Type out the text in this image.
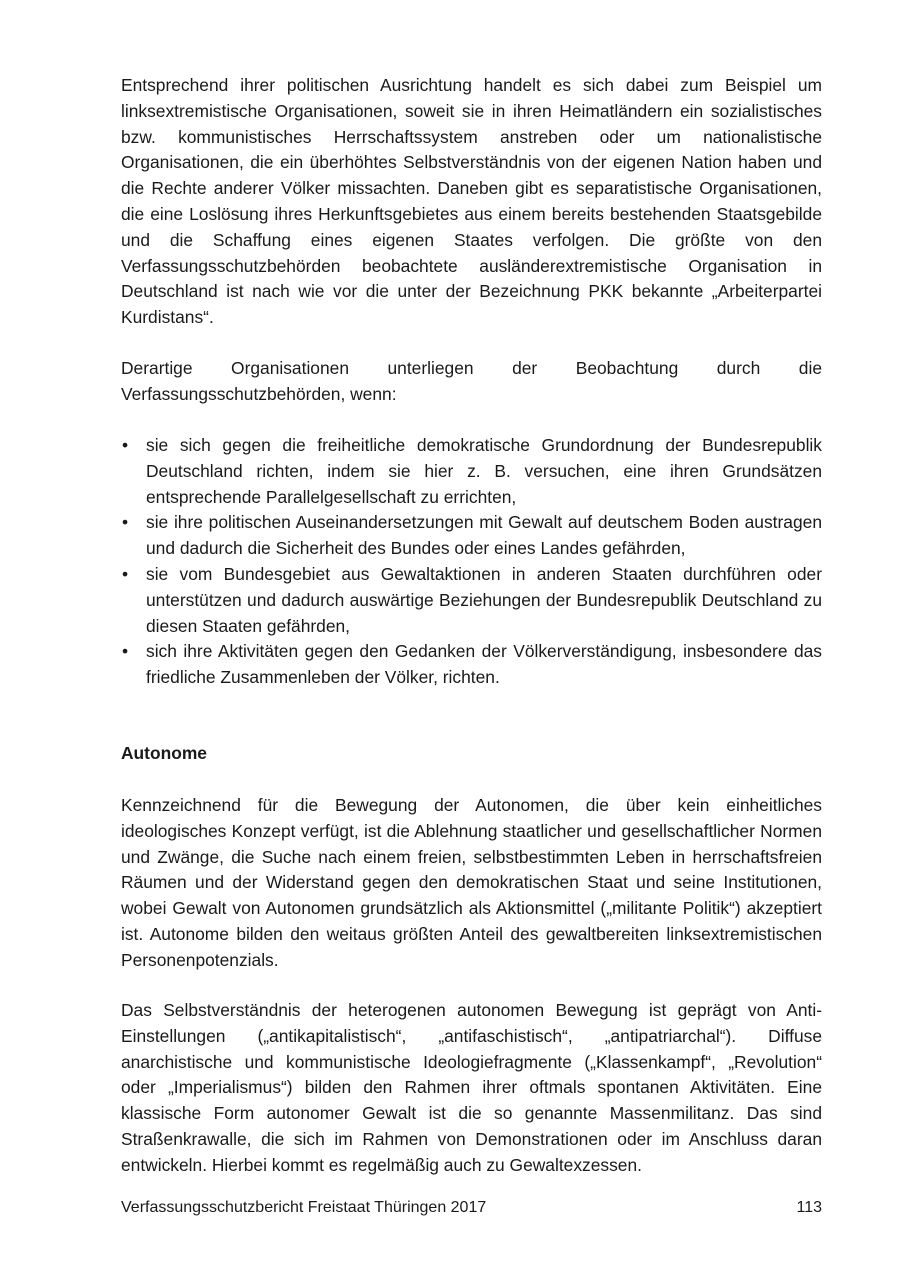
Entsprechend ihrer politischen Ausrichtung handelt es sich dabei zum Beispiel um linksextremistische Organisationen, soweit sie in ihren Heimatländern ein sozialistisches bzw. kommunistisches Herrschaftssystem anstreben oder um nationalistische Organisationen, die ein überhöhtes Selbstverständnis von der eigenen Nation haben und die Rechte anderer Völker missachten. Daneben gibt es separatistische Organisationen, die eine Loslösung ihres Herkunftsgebietes aus einem bereits bestehenden Staatsgebilde und die Schaffung eines eigenen Staates verfolgen. Die größte von den Verfassungsschutzbehörden beobachtete ausländerextremistische Organisation in Deutschland ist nach wie vor die unter der Bezeichnung PKK bekannte „Arbeiterpartei Kurdistans“.

Derartige Organisationen unterliegen der Beobachtung durch die Verfassungsschutzbehörden, wenn:

• sie sich gegen die freiheitliche demokratische Grundordnung der Bundesrepublik Deutschland richten, indem sie hier z. B. versuchen, eine ihren Grundsätzen entsprechende Parallelgesellschaft zu errichten,
• sie ihre politischen Auseinandersetzungen mit Gewalt auf deutschem Boden austragen und dadurch die Sicherheit des Bundes oder eines Landes gefährden,
• sie vom Bundesgebiet aus Gewaltaktionen in anderen Staaten durchführen oder unterstützen und dadurch auswärtige Beziehungen der Bundesrepublik Deutschland zu diesen Staaten gefährden,
• sich ihre Aktivitäten gegen den Gedanken der Völkerverständigung, insbesondere das friedliche Zusammenleben der Völker, richten.
Autonome

Kennzeichnend für die Bewegung der Autonomen, die über kein einheitliches ideologisches Konzept verfügt, ist die Ablehnung staatlicher und gesellschaftlicher Normen und Zwänge, die Suche nach einem freien, selbstbestimmten Leben in herrschaftsfreien Räumen und der Widerstand gegen den demokratischen Staat und seine Institutionen, wobei Gewalt von Autonomen grundsätzlich als Aktionsmittel („militante Politik“) akzeptiert ist. Autonome bilden den weitaus größten Anteil des gewaltbereiten linksextremistischen Personenpotenzials.

Das Selbstverständnis der heterogenen autonomen Bewegung ist geprägt von Anti-Einstellungen („antikapitalistisch“, „antifaschistisch“, „antipatriarchal“). Diffuse anarchistische und kommunistische Ideologiefragmente („Klassenkampf“, „Revolution“ oder „Imperialismus“) bilden den Rahmen ihrer oftmals spontanen Aktivitäten. Eine klassische Form autonomer Gewalt ist die so genannte Massenmilitanz. Das sind Straßenkrawalle, die sich im Rahmen von Demonstrationen oder im Anschluss daran entwickeln. Hierbei kommt es regelmäßig auch zu Gewaltexzessen.

Verfassungsschutzbericht Freistaat Thüringen 2017	113
